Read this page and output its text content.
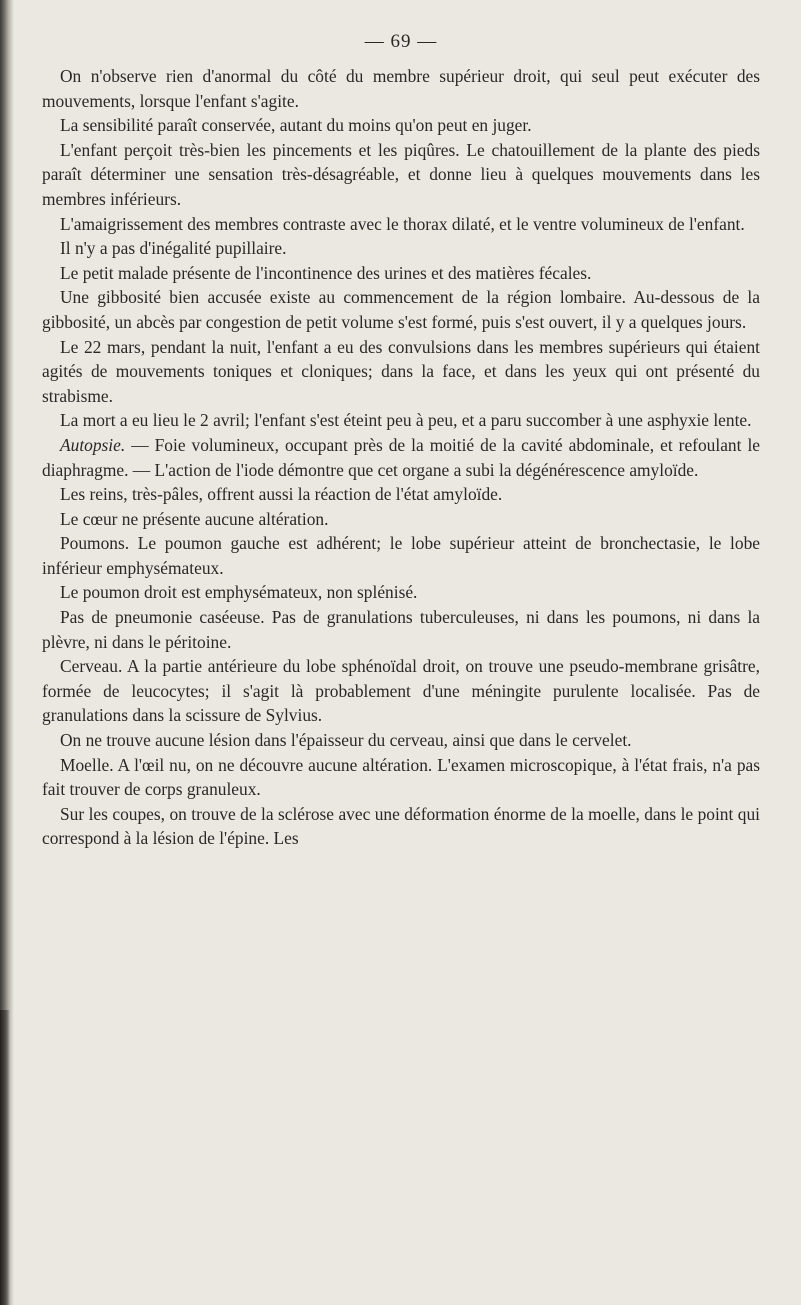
— 69 —

On n'observe rien d'anormal du côté du membre supérieur droit, qui seul peut exécuter des mouvements, lorsque l'enfant s'agite.

La sensibilité paraît conservée, autant du moins qu'on peut en juger.

L'enfant perçoit très-bien les pincements et les piqûres. Le chatouillement de la plante des pieds paraît déterminer une sensation très-désagréable, et donne lieu à quelques mouvements dans les membres inférieurs.

L'amaigrissement des membres contraste avec le thorax dilaté, et le ventre volumineux de l'enfant.

Il n'y a pas d'inégalité pupillaire.

Le petit malade présente de l'incontinence des urines et des matières fécales.

Une gibbosité bien accusée existe au commencement de la région lombaire. Au-dessous de la gibbosité, un abcès par congestion de petit volume s'est formé, puis s'est ouvert, il y a quelques jours.

Le 22 mars, pendant la nuit, l'enfant a eu des convulsions dans les membres supérieurs qui étaient agités de mouvements toniques et cloniques; dans la face, et dans les yeux qui ont présenté du strabisme.

La mort a eu lieu le 2 avril; l'enfant s'est éteint peu à peu, et a paru succomber à une asphyxie lente.

Autopsie. — Foie volumineux, occupant près de la moitié de la cavité abdominale, et refoulant le diaphragme. — L'action de l'iode démontre que cet organe a subi la dégénérescence amyloïde.

Les reins, très-pâles, offrent aussi la réaction de l'état amyloïde.

Le cœur ne présente aucune altération.

Poumons. Le poumon gauche est adhérent; le lobe supérieur atteint de bronchectasie, le lobe inférieur emphysémateux.

Le poumon droit est emphysémateux, non splénisé.

Pas de pneumonie caséeuse. Pas de granulations tuberculeuses, ni dans les poumons, ni dans la plèvre, ni dans le péritoine.

Cerveau. A la partie antérieure du lobe sphénoïdal droit, on trouve une pseudo-membrane grisâtre, formée de leucocytes; il s'agit là probablement d'une méningite purulente localisée. Pas de granulations dans la scissure de Sylvius.

On ne trouve aucune lésion dans l'épaisseur du cerveau, ainsi que dans le cervelet.

Moelle. A l'œil nu, on ne découvre aucune altération. L'examen microscopique, à l'état frais, n'a pas fait trouver de corps granuleux.

Sur les coupes, on trouve de la sclérose avec une déformation énorme de la moelle, dans le point qui correspond à la lésion de l'épine. Les
